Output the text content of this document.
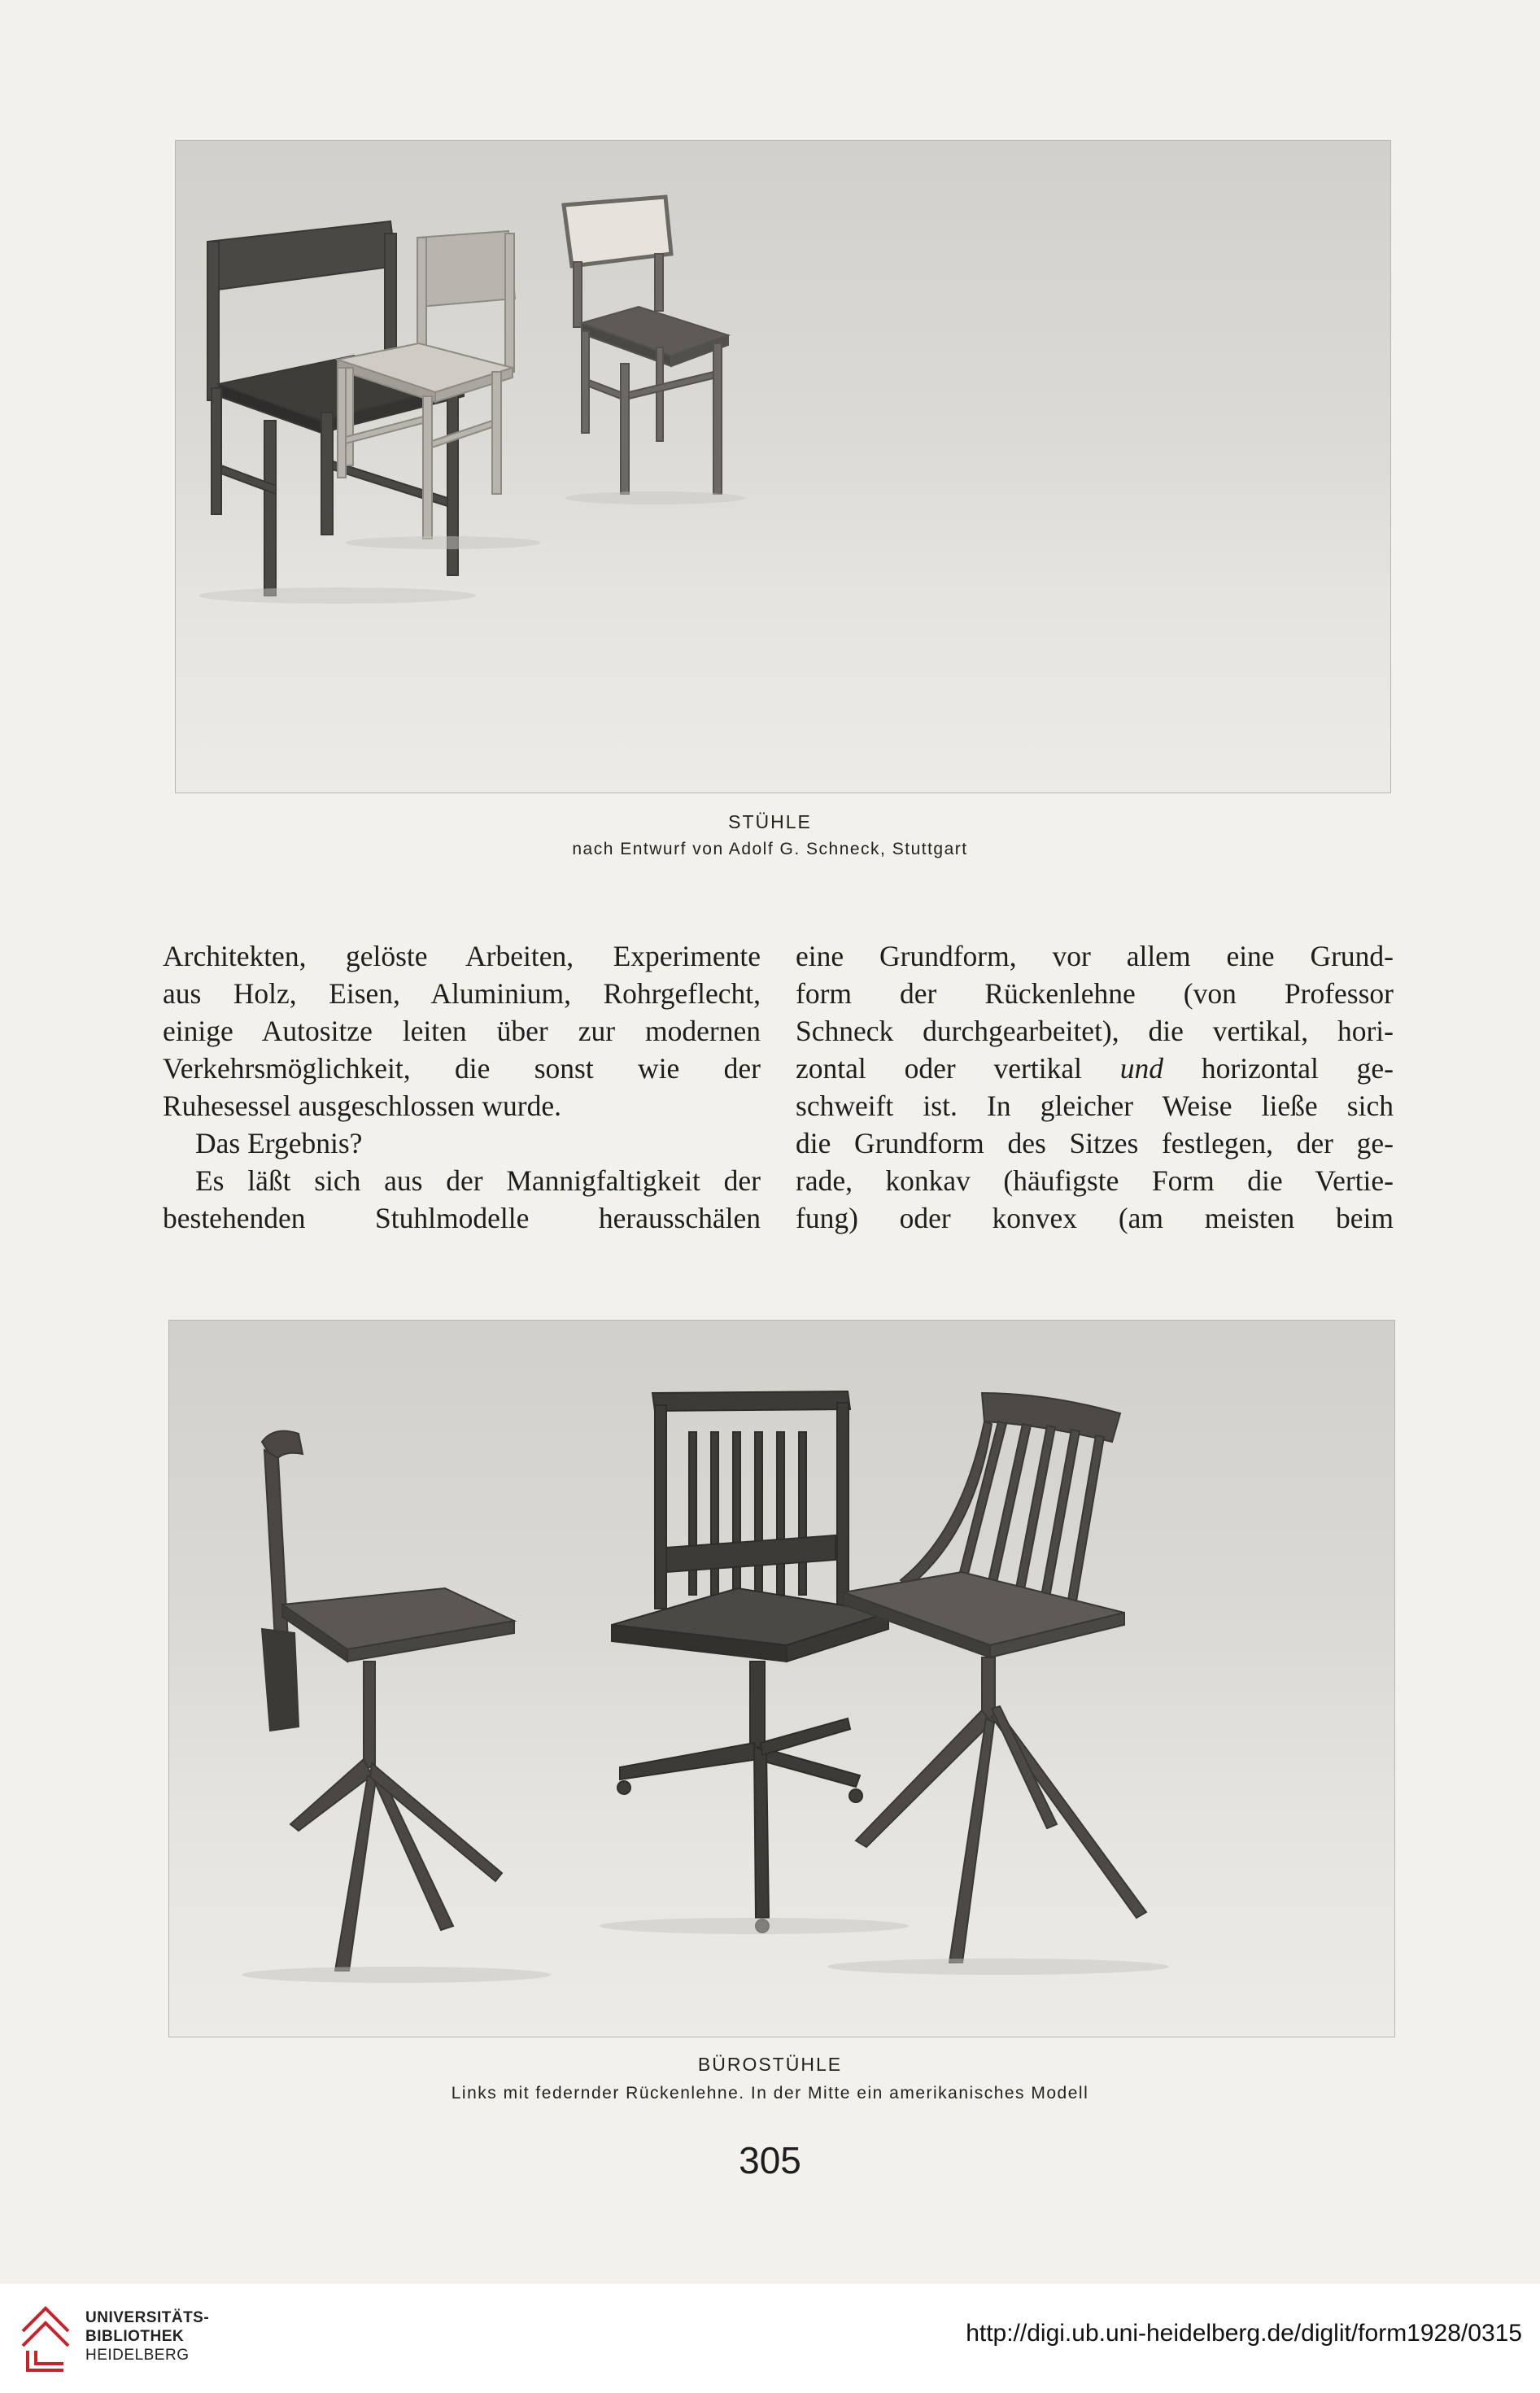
STÜHLE
nach Entwurf von Adolf G. Schneck, Stuttgart
Architekten, gelöste Arbeiten, Experimente
aus Holz, Eisen, Aluminium, Rohrgeflecht,
einige Autositze leiten über zur modernen
Verkehrsmöglichkeit, die sonst wie der
Ruhesessel ausgeschlossen wurde.
Das Ergebnis?
Es läßt sich aus der Mannigfaltigkeit der
bestehenden Stuhlmodelle herausschälen
eine Grundform, vor allem eine Grund-
form der Rückenlehne (von Professor
Schneck durchgearbeitet), die vertikal, hori-
zontal oder vertikal und horizontal ge-
schweift ist. In gleicher Weise ließe sich
die Grundform des Sitzes festlegen, der ge-
rade, konkav (häufigste Form die Vertie-
fung) oder konvex (am meisten beim
BÜROSTÜHLE
Links mit federnder Rückenlehne. In der Mitte ein amerikanisches Modell
305
UNIVERSITÄTS-
BIBLIOTHEK
HEIDELBERG
http://digi.ub.uni-heidelberg.de/diglit/form1928/0315
